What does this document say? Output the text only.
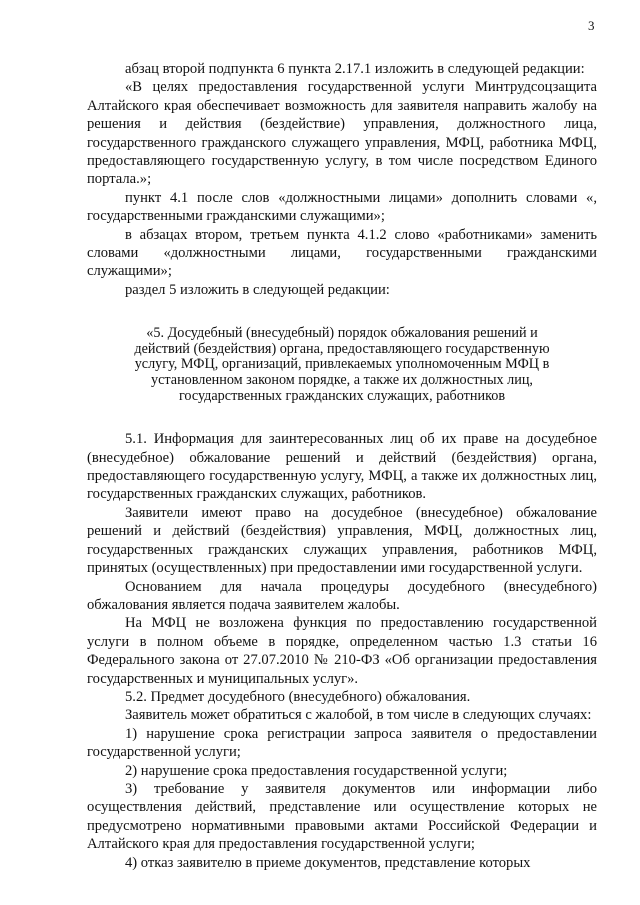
3

абзац второй подпункта 6 пункта 2.17.1 изложить в следующей редакции:

«В целях предоставления государственной услуги Минтрудсоцзащита Алтайского края обеспечивает возможность для заявителя направить жалобу на решения и действия (бездействие) управления, должностного лица, государственного гражданского служащего управления, МФЦ, работника МФЦ, предоставляющего государственную услугу, в том числе посредством Единого портала.»;

пункт 4.1 после слов «должностными лицами» дополнить словами «, государственными гражданскими служащими»;

в абзацах втором, третьем пункта 4.1.2 слово «работниками» заменить словами «должностными лицами, государственными гражданскими служащими»;

раздел 5 изложить в следующей редакции:

«5. Досудебный (внесудебный) порядок обжалования решений и действий (бездействия) органа, предоставляющего государственную услугу, МФЦ, организаций, привлекаемых уполномоченным МФЦ в установленном законом порядке, а также их должностных лиц, государственных гражданских служащих, работников

5.1. Информация для заинтересованных лиц об их праве на досудебное (внесудебное) обжалование решений и действий (бездействия) органа, предоставляющего государственную услугу, МФЦ, а также их должностных лиц, государственных гражданских служащих, работников.

Заявители имеют право на досудебное (внесудебное) обжалование решений и действий (бездействия) управления, МФЦ, должностных лиц, государственных гражданских служащих управления, работников МФЦ, принятых (осуществленных) при предоставлении ими государственной услуги.

Основанием для начала процедуры досудебного (внесудебного) обжалования является подача заявителем жалобы.

На МФЦ не возложена функция по предоставлению государственной услуги в полном объеме в порядке, определенном частью 1.3 статьи 16 Федерального закона от 27.07.2010 № 210-ФЗ «Об организации предоставления государственных и муниципальных услуг».

5.2. Предмет досудебного (внесудебного) обжалования.

Заявитель может обратиться с жалобой, в том числе в следующих случаях:

1) нарушение срока регистрации запроса заявителя о предоставлении государственной услуги;

2) нарушение срока предоставления государственной услуги;

3) требование у заявителя документов или информации либо осуществления действий, представление или осуществление которых не предусмотрено нормативными правовыми актами Российской Федерации и Алтайского края для предоставления государственной услуги;

4) отказ заявителю в приеме документов, представление которых
